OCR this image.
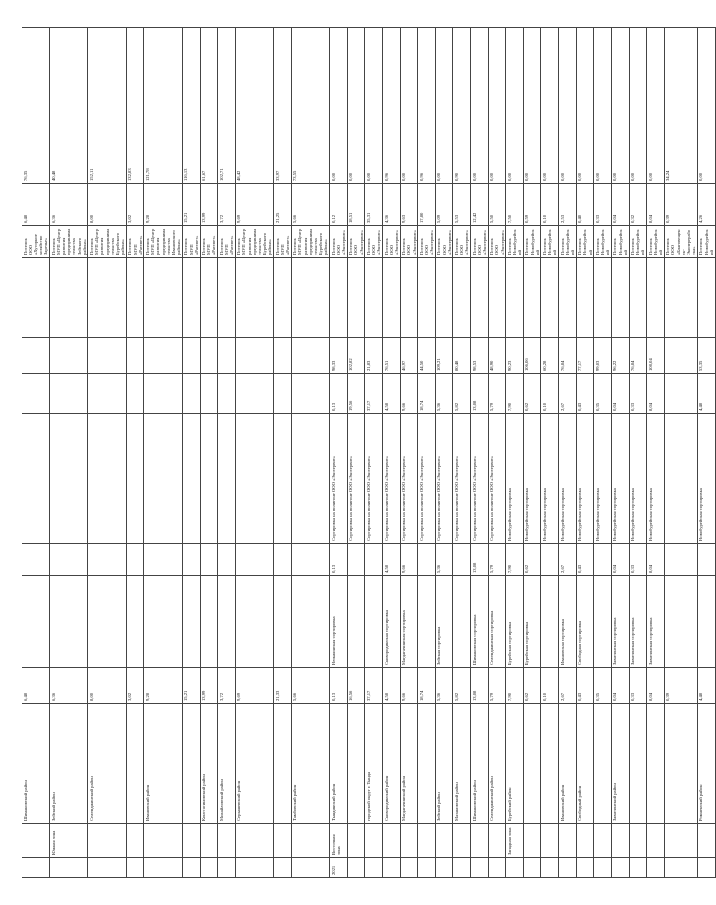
		Шимановский район	6,48							Поселок ООО «Хуторное хозяйство Заречье»	6,48	76,35
	Южная зона	Зейский район	6,36							Поселок МУП «Центр развития предпринимательства Зейского района»	6,36	40,48
		Селемджинский район	8,00							Поселок МУП «Центр развития предпринимательства Бурейского района»	8,00	152,11
			3,02							Поселок МУП «Рассвет»	3,02	132,83
		Ивановский район	9,28							Поселок МУП «Центр развития предпринимательства Ивановского района»	9,28	121,78
			15,21							Поселок МУП «Рассвет»	15,21	116,13
		Констатиновский район	13,99							Поселок МУП «Рассвет»	13,99	61,67
		Михайловский район	3,72							Поселок МУП «Рассвет»	3,72	102,71
		Серышевский район	9,69							Поселок МУП «Центр развития предпринимательства Бурейского района»	9,69	48,42
			21,33							Поселок МУП «Рассвет»	21,25	33,97
		Тамбовский район	5,66							Поселок МУП «Центр развития предпринимательства Бурейского района»	5,66	73,55
2021	Восточная зона	Тындинский район	0,13	Нюкжинская сортировка	0,13	Сортировка на полигоне ООО «Экосервис»	0,13	98,33		Поселок ООО «Экосервис»	0,12	0,00
			16,56			Сортировка на полигоне ООО «Экосервис»	19,56	102,82		Поселок ООО «Экосервис»	18,51	0,00
		городской округ г. Тында	37,17			Сортировка на полигоне ООО «Экосервис»	37,17	21,83		Поселок ООО «Экосервис»	35,31	0,00
		Сковородинский район	4,58	Сковородинская сортировка	4,58	Сортировка на полигоне ООО «Экосервис»	4,58	76,51		Поселок ООО «Экосервис»	4,36	0,96
		Магдагачинский район	9,66	Магдагачинская сортировка	9,66	Сортировка на полигоне ООО «Экосервис»	9,66	46,97		Поселок ООО «Экосервис»	9,63	0,00
			18,74			Сортировка на полигоне ООО «Экосервис»	18,74	44,50		Поселок ООО «Экосервис»	17,80	0,96
		Зейский район	5,36	Зейская сортировка	5,36	Сортировка на полигоне ООО «Экосервис»	5,36	109,21		Поселок ООО «Экосервис»	5,09	0,00
		Мазановский район	5,82			Сортировка на полигоне ООО «Экосервис»	5,82	80,48		Поселок ООО «Экосервис»	5,53	0,90
		Шимановский район	13,08	Шимановская сортировка	13,08	Сортировка на полигоне ООО «Экосервис»	13,08	98,53		Поселок ООО «Экосервис»	12,42	0,00
		Селемджинский район	5,79	Селемджинская сортировка	5,79	Сортировка на полигоне ООО «Экосервис»	5,79	48,90		Поселок ООО «Экосервис»	5,50	0,00
	Западная зона	Бурейский район	7,90	Бурейская сортировка	7,90	Новобурейская сортировка	7,90	90,23		Поселок Новобурейский	7,50	0,00
			0,62	Бурейская сортировка	0,62	Новобурейская сортировка	0,62	106,06		Поселок Новобурейский	0,59	0,00
			0,10			Новобурейская сортировка	0,10	60,28		Поселок Новобурейский	0,10	0,00
		Ивановский район	2,67	Ивановская сортировка	2,67	Новобурейская сортировка	2,67	76,84		Поселок Новобурейский	2,53	0,00
		Свободный район	0,43	Свободная сортировка	0,43	Новобурейская сортировка	0,43	77,17		Поселок Новобурейский	0,40	0,00
			0,35			Новобурейская сортировка	0,35	99,03		Поселок Новобурейский	0,33	0,00
		Завитинский район	0,04	Завитинская сортировка	0,04	Новобурейская сортировка	0,04	96,22		Поселок Новобурейский	0,04	0,00
			0,33	Завитинская сортировка	0,33	Новобурейская сортировка	0,33	76,84		Поселок Новобурейский	0,32	0,00
			8,04	Завитинская сортировка	8,04	Новобурейская сортировка	8,04	108,04		Поселок Новобурейский	8,04	0,00
			0,39							Поселок ООО «Благовещенск-Экопереработка»	0,39	34,24
		Ромненский район	4,48			Новобурейская сортировка	4,48	53,35		Поселок Новобурейский	4,26	0,00
